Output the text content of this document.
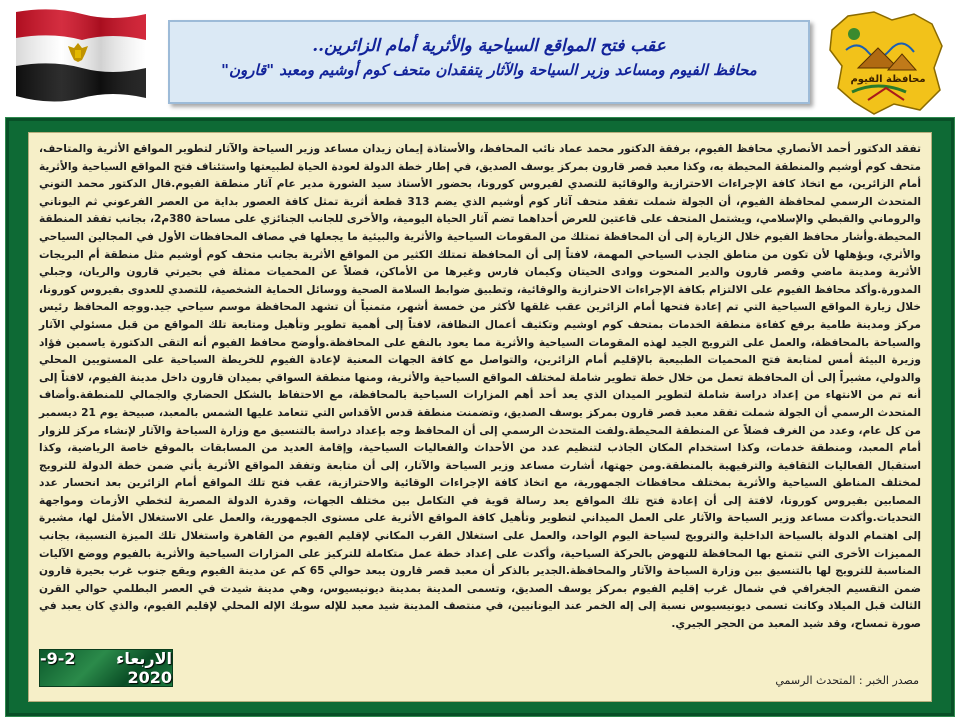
محافظة الفيوم
عقب فتح المواقع السياحية والأثرية أمام الزائرين..
محافظ الفيوم ومساعد وزير السياحة والآثار يتفقدان متحف كوم أوشيم ومعبد "قارون"

تفقد الدكتور أحمد الأنصاري محافظ الفيوم، برفقة الدكتور محمد عماد نائب المحافظ، والأستاذة إيمان زيدان مساعد وزير السياحة والآثار لتطوير المواقع الأثرية والمتاحف، متحف كوم أوشيم والمنطقة المحيطة به، وكذا معبد قصر قارون بمركز يوسف الصديق، في إطار خطة الدولة لعودة الحياة لطبيعتها واستئناف فتح المواقع السياحية والأثرية أمام الزائرين، مع اتخاذ كافة الإجراءات الاحترازية والوقائية للتصدي لفيروس كورونا، بحضور الأستاذ سيد الشورة مدير عام آثار منطقة الفيوم.قال الدكتور محمد التوني المتحدث الرسمي لمحافظة الفيوم، أن الجولة شملت تفقد متحف آثار كوم أوشيم الذي يضم 313 قطعة أثرية تمثل كافة العصور بداية من العصر الفرعوني ثم اليوناني والروماني والقبطي والإسلامي، ويشتمل المتحف على قاعتين للعرض أحداهما تضم آثار الحياة اليومية، والأخرى للجانب الجنائزي على مساحة 380م2، بجانب تفقد المنطقة المحيطة.وأشار محافظ الفيوم خلال الزيارة إلى أن المحافظة تمتلك من المقومات السياحية والأثرية والبيئية ما يجعلها في مصاف المحافظات الأول في المجالين السياحي والأثري، ويؤهلها لأن تكون من مناطق الجذب السياحي المهمة، لافتاً إلى أن المحافظة تمتلك الكثير من المواقع الأثرية بجانب متحف كوم أوشيم مثل منطقة أم البريجات الأثرية ومدينة ماضي وقصر قارون والدير المنحوت ووادى الحيتان وكيمان فارس وغيرها من الأماكن، فضلاً عن المحميات ممثلة في بحيرتي قارون والريان، وجبلي المدورة.وأكد محافظ الفيوم على الالتزام بكافة الإجراءات الاحترازية والوقائية، وتطبيق ضوابط السلامة الصحية ووسائل الحماية الشخصية، للتصدي للعدوى بفيروس كورونا، خلال زيارة المواقع السياحية التي تم إعادة فتحها أمام الزائرين عقب غلقها لأكثر من خمسة أشهر، متمنياً أن تشهد المحافظة موسم سياحي جيد.ووجه المحافظ رئيس مركز ومدينة طامية برفع كفاءة منطقة الخدمات بمتحف كوم اوشيم وتكثيف أعمال النظافة، لافتاً إلى أهمية تطوير وتأهيل ومتابعة تلك المواقع من قبل مسئولي الآثار والسياحة بالمحافظة، والعمل على الترويج الجيد لهذه المقومات السياحية والأثرية مما يعود بالنفع على المحافظة.وأوضح محافظ الفيوم أنه التقى الدكتورة ياسمين فؤاد وزيرة البيئة أمس لمتابعة فتح المحميات الطبيعية بالإقليم أمام الزائرين، والتواصل مع كافة الجهات المعنية لإعادة الفيوم للخريطة السياحية على المستويين المحلي والدولي، مشيراً إلى أن المحافظة تعمل من خلال خطة تطوير شاملة لمختلف المواقع السياحية والأثرية، ومنها منطقة السواقي بميدان قارون داخل مدينة الفيوم، لافتاً إلى أنه تم من الانتهاء من إعداد دراسة شاملة لتطوير الميدان الذي يعد أحد أهم المزارات السياحية بالمحافظة، مع الاحتفاظ بالشكل الحضاري والجمالي للمنطقة.وأضاف المتحدث الرسمي أن الجولة شملت تفقد معبد قصر قارون بمركز يوسف الصديق، وتضمنت منطقة قدس الأقداس التي تتعامد عليها الشمس بالمعبد، صبيحة يوم 21 ديسمبر من كل عام، وعدد من الغرف فضلاً عن المنطقة المحيطة.ولفت المتحدث الرسمي إلى أن المحافظ وجه بإعداد دراسة بالتنسيق مع وزارة السياحة والآثار لإنشاء مركز للزوار أمام المعبد، ومنطقة خدمات، وكذا استخدام المكان الجاذب لتنظيم عدد من الأحداث والفعاليات السياحية، وإقامة العديد من المسابقات بالموقع خاصة الرياضية، وكذا استقبال الفعاليات الثقافية والترفيهية بالمنطقة.ومن جهتها، أشارت مساعد وزير السياحة والآثار، إلى أن متابعة وتفقد المواقع الأثرية يأتي ضمن خطة الدولة للترويج لمختلف المناطق السياحية والأثرية بمختلف محافظات الجمهورية، مع اتخاذ كافة الإجراءات الوقائية والاحترازية، عقب فتح تلك المواقع أمام الزائرين بعد انحسار عدد المصابين بفيروس كورونا، لافتة إلى أن إعادة فتح تلك المواقع يعد رسالة قوية في التكامل بين مختلف الجهات، وقدرة الدولة المصرية لتخطي الأزمات ومواجهة التحديات.وأكدت مساعد وزير السياحة والآثار على العمل الميداني لتطوير وتأهيل كافة المواقع الأثرية على مستوى الجمهورية، والعمل على الاستغلال الأمثل لها، مشيرة إلى اهتمام الدولة بالسياحة الداخلية والترويج لسياحة اليوم الواحد، والعمل على استغلال القرب المكاني لإقليم الفيوم من القاهرة واستغلال تلك الميزة النسبية، بجانب المميزات الأخرى التي تتمتع بها المحافظة للنهوض بالحركة السياحية، وأكدت على إعداد خطة عمل متكاملة للتركيز على المزارات السياحية والأثرية بالفيوم ووضع الآليات المناسبة للترويج لها بالتنسيق بين وزارة السياحة والآثار والمحافظة.الجدير بالذكر أن معبد قصر قارون يبعد حوالي 65 كم عن مدينة الفيوم ويقع جنوب غرب بحيرة قارون ضمن التقسيم الجغرافي في شمال غرب إقليم الفيوم بمركز يوسف الصديق، وتسمى المدينة بمدينة ديونيسيوس، وهي مدينة شيدت في العصر البطلمي حوالي القرن الثالث قبل الميلاد وكانت تسمى ديونيسيوس نسبة إلى إله الخمر عند اليونانيين، في منتصف المدينة شيد معبد للإله سوبك الإله المحلي لإقليم الفيوم، والذي كان يعبد في صورة تمساح، وقد شيد المعبد من الحجر الجيري.

مصدر الخبر : المتحدث الرسمي
الاربعاء 2-9-2020
